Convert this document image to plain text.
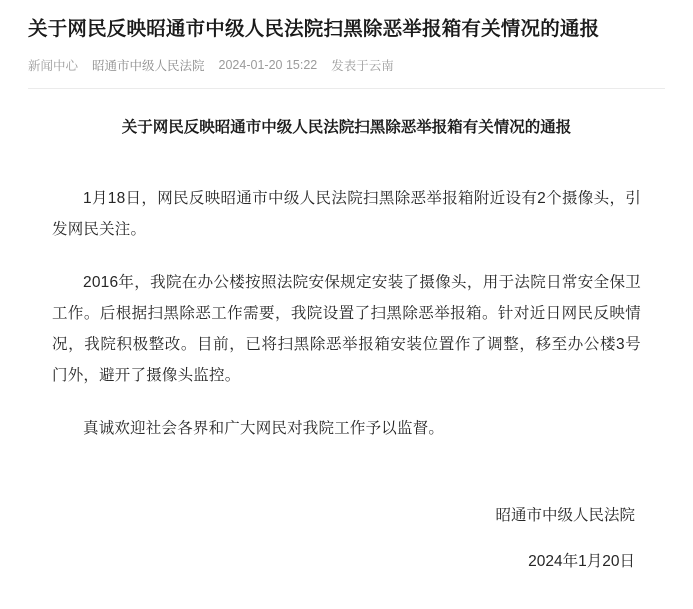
关于网民反映昭通市中级人民法院扫黑除恶举报箱有关情况的通报
新闻中心 昭通市中级人民法院 2024-01-20 15:22 发表于云南
关于网民反映昭通市中级人民法院扫黑除恶举报箱有关情况的通报

1月18日，网民反映昭通市中级人民法院扫黑除恶举报箱附近设有2个摄像头，引发网民关注。

2016年，我院在办公楼按照法院安保规定安装了摄像头，用于法院日常安全保卫工作。后根据扫黑除恶工作需要，我院设置了扫黑除恶举报箱。针对近日网民反映情况，我院积极整改。目前，已将扫黑除恶举报箱安装位置作了调整，移至办公楼3号门外，避开了摄像头监控。

真诚欢迎社会各界和广大网民对我院工作予以监督。

昭通市中级人民法院
2024年1月20日
